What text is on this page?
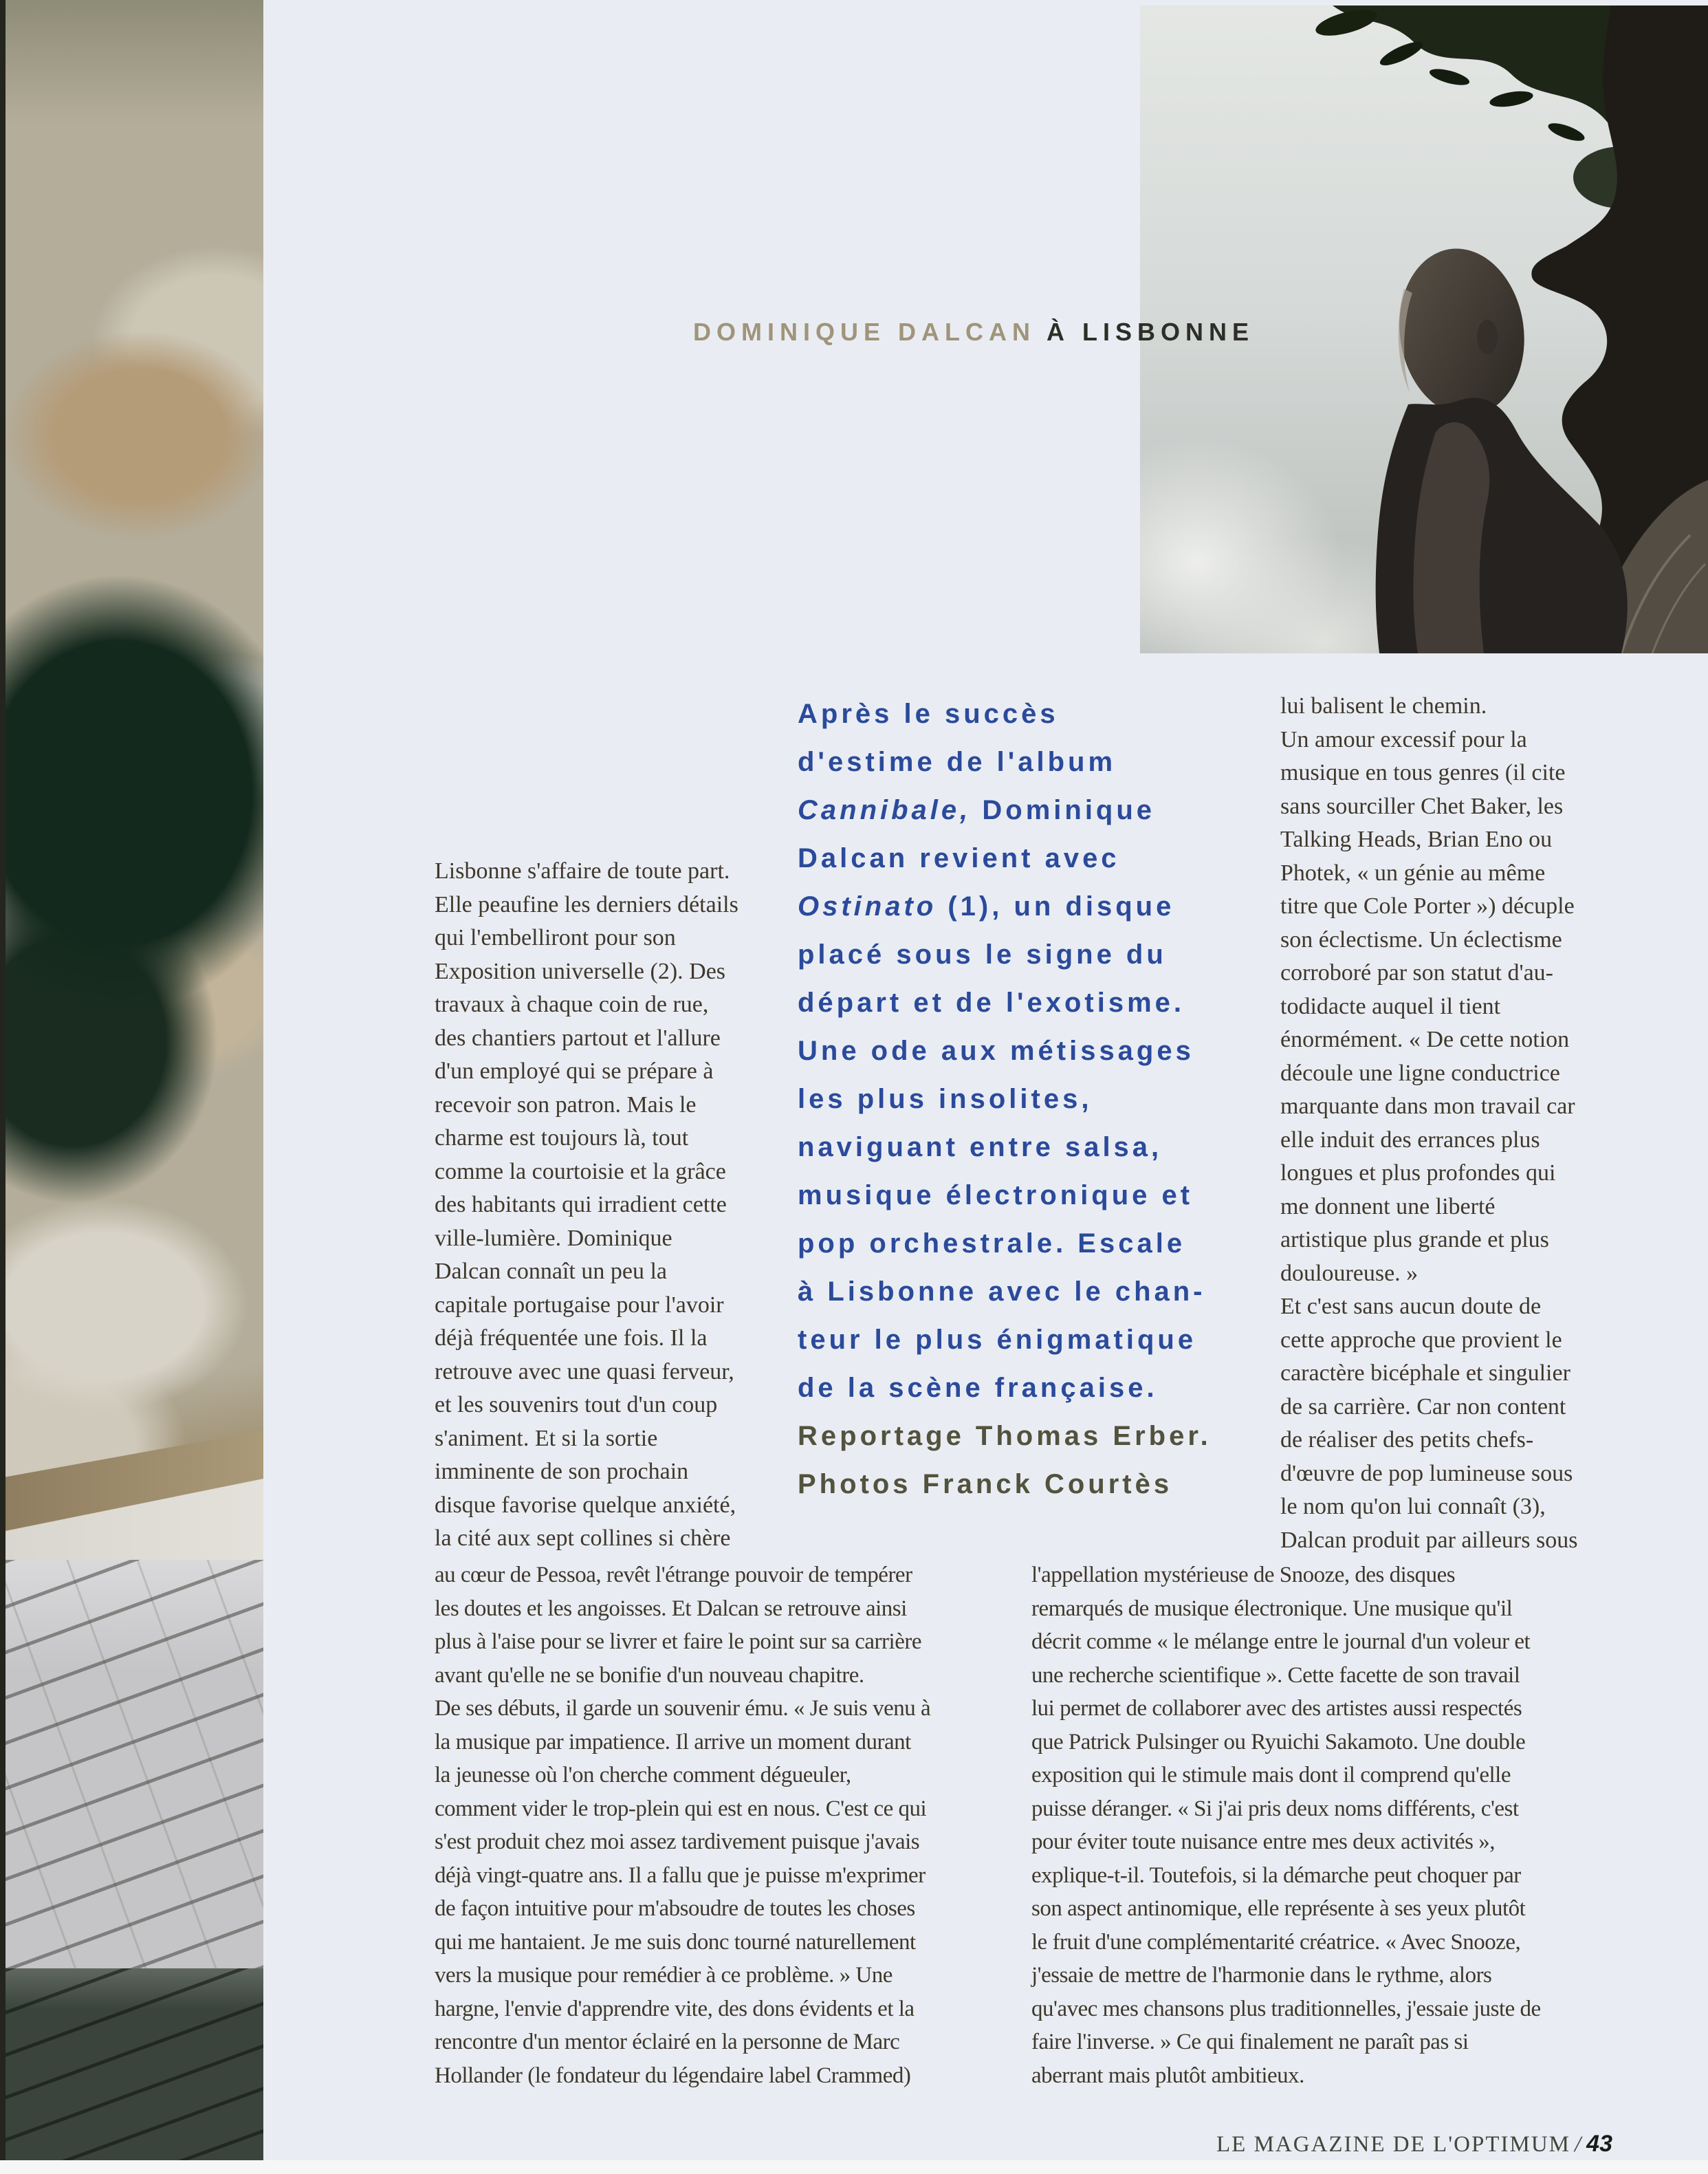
DOMINIQUE DALCAN À LISBONNE
Après le succès
d'estime de l'album
Cannibale, Dominique
Dalcan revient avec
Ostinato (1), un disque
placé sous le signe du
départ et de l'exotisme.
Une ode aux métissages
les plus insolites,
naviguant entre salsa,
musique électronique et
pop orchestrale. Escale
à Lisbonne avec le chan-
teur le plus énigmatique
de la scène française.
Reportage Thomas Erber.
Photos Franck Courtès
Lisbonne s'affaire de toute part.
Elle peaufine les derniers détails
qui l'embelliront pour son
Exposition universelle (2). Des
travaux à chaque coin de rue,
des chantiers partout et l'allure
d'un employé qui se prépare à
recevoir son patron. Mais le
charme est toujours là, tout
comme la courtoisie et la grâce
des habitants qui irradient cette
ville-lumière. Dominique
Dalcan connaît un peu la
capitale portugaise pour l'avoir
déjà fréquentée une fois. Il la
retrouve avec une quasi ferveur,
et les souvenirs tout d'un coup
s'animent. Et si la sortie
imminente de son prochain
disque favorise quelque anxiété,
la cité aux sept collines si chère
lui balisent le chemin.
Un amour excessif pour la
musique en tous genres (il cite
sans sourciller Chet Baker, les
Talking Heads, Brian Eno ou
Photek, « un génie au même
titre que Cole Porter ») décuple
son éclectisme. Un éclectisme
corroboré par son statut d'au-
todidacte auquel il tient
énormément. « De cette notion
découle une ligne conductrice
marquante dans mon travail car
elle induit des errances plus
longues et plus profondes qui
me donnent une liberté
artistique plus grande et plus
douloureuse. »
Et c'est sans aucun doute de
cette approche que provient le
caractère bicéphale et singulier
de sa carrière. Car non content
de réaliser des petits chefs-
d'œuvre de pop lumineuse sous
le nom qu'on lui connaît (3),
Dalcan produit par ailleurs sous
au cœur de Pessoa, revêt l'étrange pouvoir de tempérer
les doutes et les angoisses. Et Dalcan se retrouve ainsi
plus à l'aise pour se livrer et faire le point sur sa carrière
avant qu'elle ne se bonifie d'un nouveau chapitre.
De ses débuts, il garde un souvenir ému. « Je suis venu à
la musique par impatience. Il arrive un moment durant
la jeunesse où l'on cherche comment dégueuler,
comment vider le trop-plein qui est en nous. C'est ce qui
s'est produit chez moi assez tardivement puisque j'avais
déjà vingt-quatre ans. Il a fallu que je puisse m'exprimer
de façon intuitive pour m'absoudre de toutes les choses
qui me hantaient. Je me suis donc tourné naturellement
vers la musique pour remédier à ce problème. » Une
hargne, l'envie d'apprendre vite, des dons évidents et la
rencontre d'un mentor éclairé en la personne de Marc
Hollander (le fondateur du légendaire label Crammed)
l'appellation mystérieuse de Snooze, des disques
remarqués de musique électronique. Une musique qu'il
décrit comme « le mélange entre le journal d'un voleur et
une recherche scientifique ». Cette facette de son travail
lui permet de collaborer avec des artistes aussi respectés
que Patrick Pulsinger ou Ryuichi Sakamoto. Une double
exposition qui le stimule mais dont il comprend qu'elle
puisse déranger. « Si j'ai pris deux noms différents, c'est
pour éviter toute nuisance entre mes deux activités »,
explique-t-il. Toutefois, si la démarche peut choquer par
son aspect antinomique, elle représente à ses yeux plutôt
le fruit d'une complémentarité créatrice. « Avec Snooze,
j'essaie de mettre de l'harmonie dans le rythme, alors
qu'avec mes chansons plus traditionnelles, j'essaie juste de
faire l'inverse. » Ce qui finalement ne paraît pas si
aberrant mais plutôt ambitieux.
LE MAGAZINE DE L'OPTIMUM / 43
